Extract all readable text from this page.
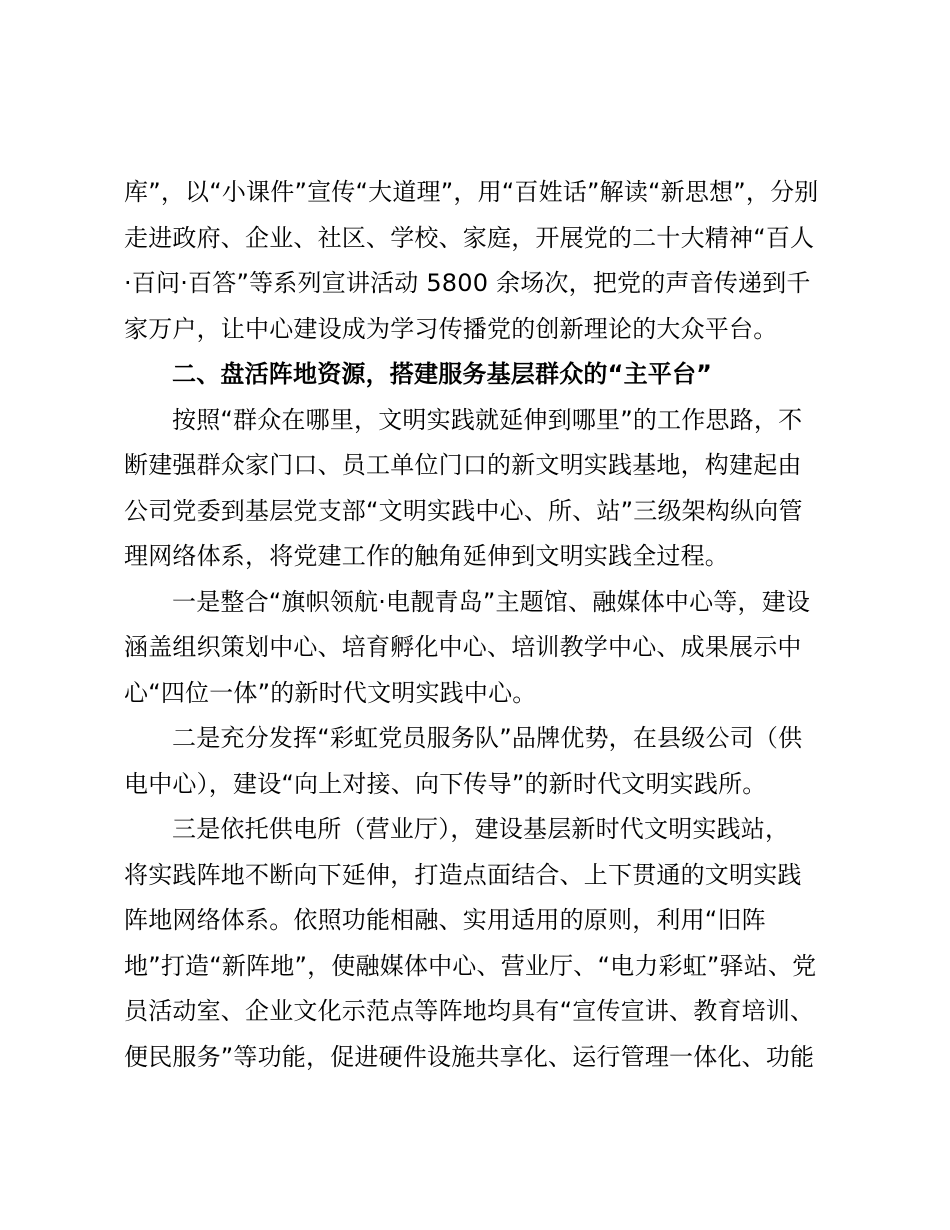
库”，以“小课件”宣传“大道理”，用“百姓话”解读“新思想”，分别
走进政府、企业、社区、学校、家庭，开展党的二十大精神“百人
·百问·百答”等系列宣讲活动 5800 余场次，把党的声音传递到千
家万户，让中心建设成为学习传播党的创新理论的大众平台。
二、盘活阵地资源，搭建服务基层群众的“主平台”
按照“群众在哪里，文明实践就延伸到哪里”的工作思路，不
断建强群众家门口、员工单位门口的新文明实践基地，构建起由
公司党委到基层党支部“文明实践中心、所、站”三级架构纵向管
理网络体系，将党建工作的触角延伸到文明实践全过程。
一是整合“旗帜领航·电靓青岛”主题馆、融媒体中心等，建设
涵盖组织策划中心、培育孵化中心、培训教学中心、成果展示中
心“四位一体”的新时代文明实践中心。
二是充分发挥“彩虹党员服务队”品牌优势，在县级公司（供
电中心），建设“向上对接、向下传导”的新时代文明实践所。
三是依托供电所（营业厅），建设基层新时代文明实践站，
将实践阵地不断向下延伸，打造点面结合、上下贯通的文明实践
阵地网络体系。依照功能相融、实用适用的原则，利用“旧阵
地”打造“新阵地”，使融媒体中心、营业厅、“电力彩虹”驿站、党
员活动室、企业文化示范点等阵地均具有“宣传宣讲、教育培训、
便民服务”等功能，促进硬件设施共享化、运行管理一体化、功能
